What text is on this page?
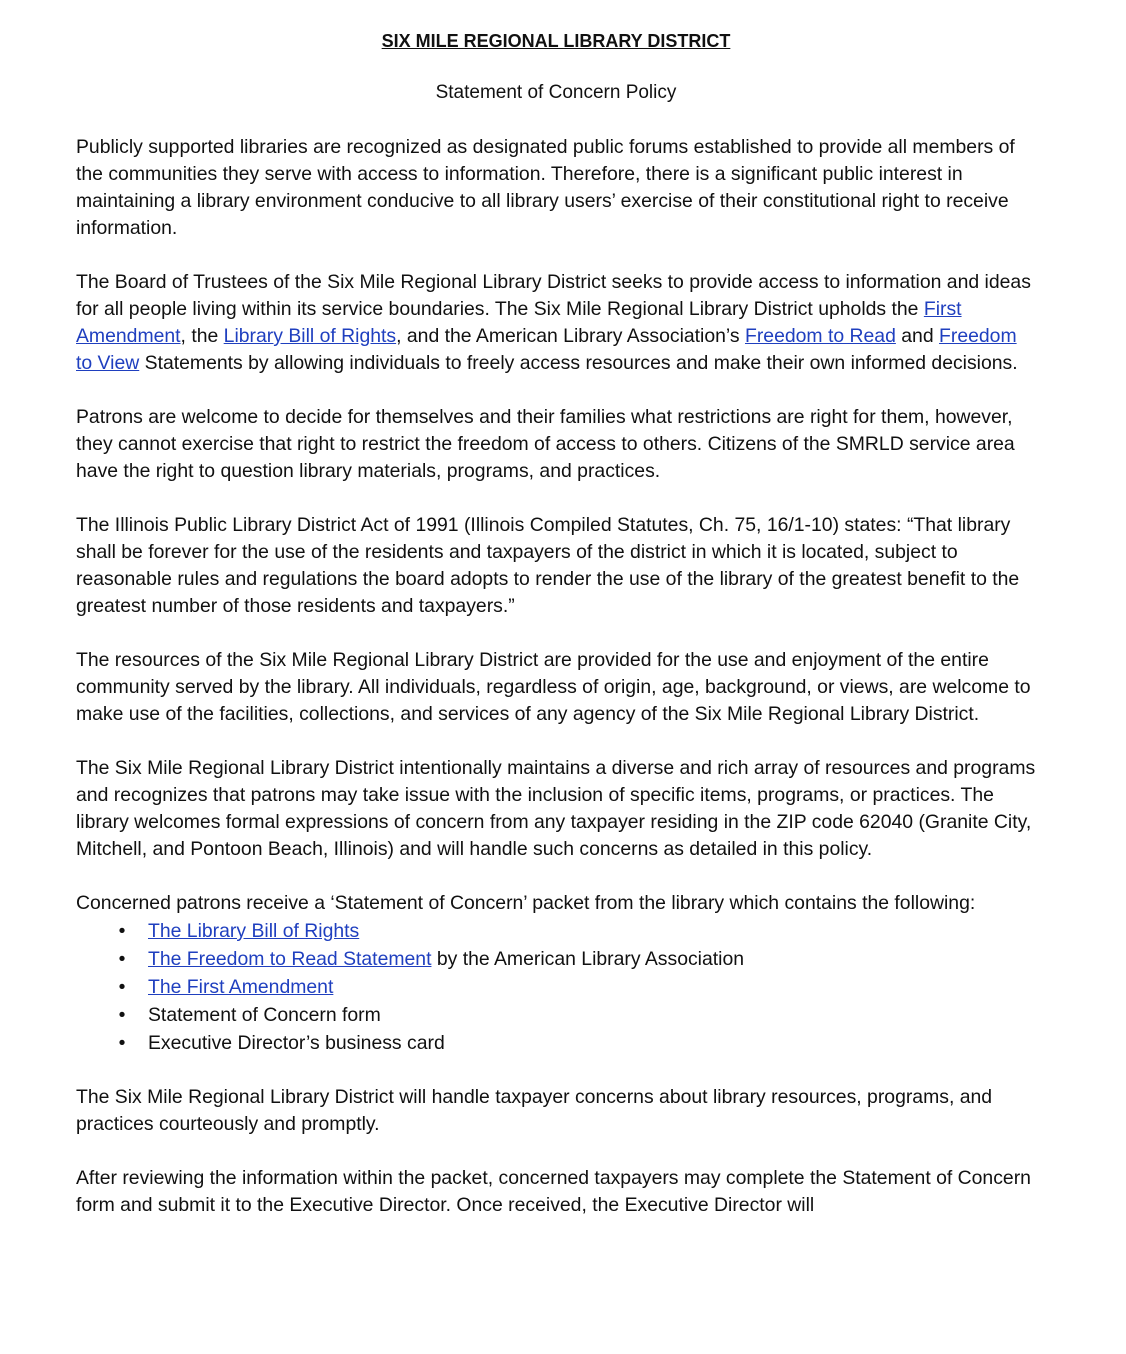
SIX MILE REGIONAL LIBRARY DISTRICT
Statement of Concern Policy

Publicly supported libraries are recognized as designated public forums established to provide all members of the communities they serve with access to information. Therefore, there is a significant public interest in maintaining a library environment conducive to all library users’ exercise of their constitutional right to receive information.

The Board of Trustees of the Six Mile Regional Library District seeks to provide access to information and ideas for all people living within its service boundaries. The Six Mile Regional Library District upholds the First Amendment, the Library Bill of Rights, and the American Library Association’s Freedom to Read and Freedom to View Statements by allowing individuals to freely access resources and make their own informed decisions.

Patrons are welcome to decide for themselves and their families what restrictions are right for them, however, they cannot exercise that right to restrict the freedom of access to others. Citizens of the SMRLD service area have the right to question library materials, programs, and practices.

The Illinois Public Library District Act of 1991 (Illinois Compiled Statutes, Ch. 75, 16/1-10) states: “That library shall be forever for the use of the residents and taxpayers of the district in which it is located, subject to reasonable rules and regulations the board adopts to render the use of the library of the greatest benefit to the greatest number of those residents and taxpayers.”

The resources of the Six Mile Regional Library District are provided for the use and enjoyment of the entire community served by the library. All individuals, regardless of origin, age, background, or views, are welcome to make use of the facilities, collections, and services of any agency of the Six Mile Regional Library District.

The Six Mile Regional Library District intentionally maintains a diverse and rich array of resources and programs and recognizes that patrons may take issue with the inclusion of specific items, programs, or practices. The library welcomes formal expressions of concern from any taxpayer residing in the ZIP code 62040 (Granite City, Mitchell, and Pontoon Beach, Illinois) and will handle such concerns as detailed in this policy.

Concerned patrons receive a ‘Statement of Concern’ packet from the library which contains the following:

•	The Library Bill of Rights
•	The Freedom to Read Statement by the American Library Association
•	The First Amendment
•	Statement of Concern form
•	Executive Director’s business card

The Six Mile Regional Library District will handle taxpayer concerns about library resources, programs, and practices courteously and promptly.

After reviewing the information within the packet, concerned taxpayers may complete the Statement of Concern form and submit it to the Executive Director. Once received, the Executive Director will
